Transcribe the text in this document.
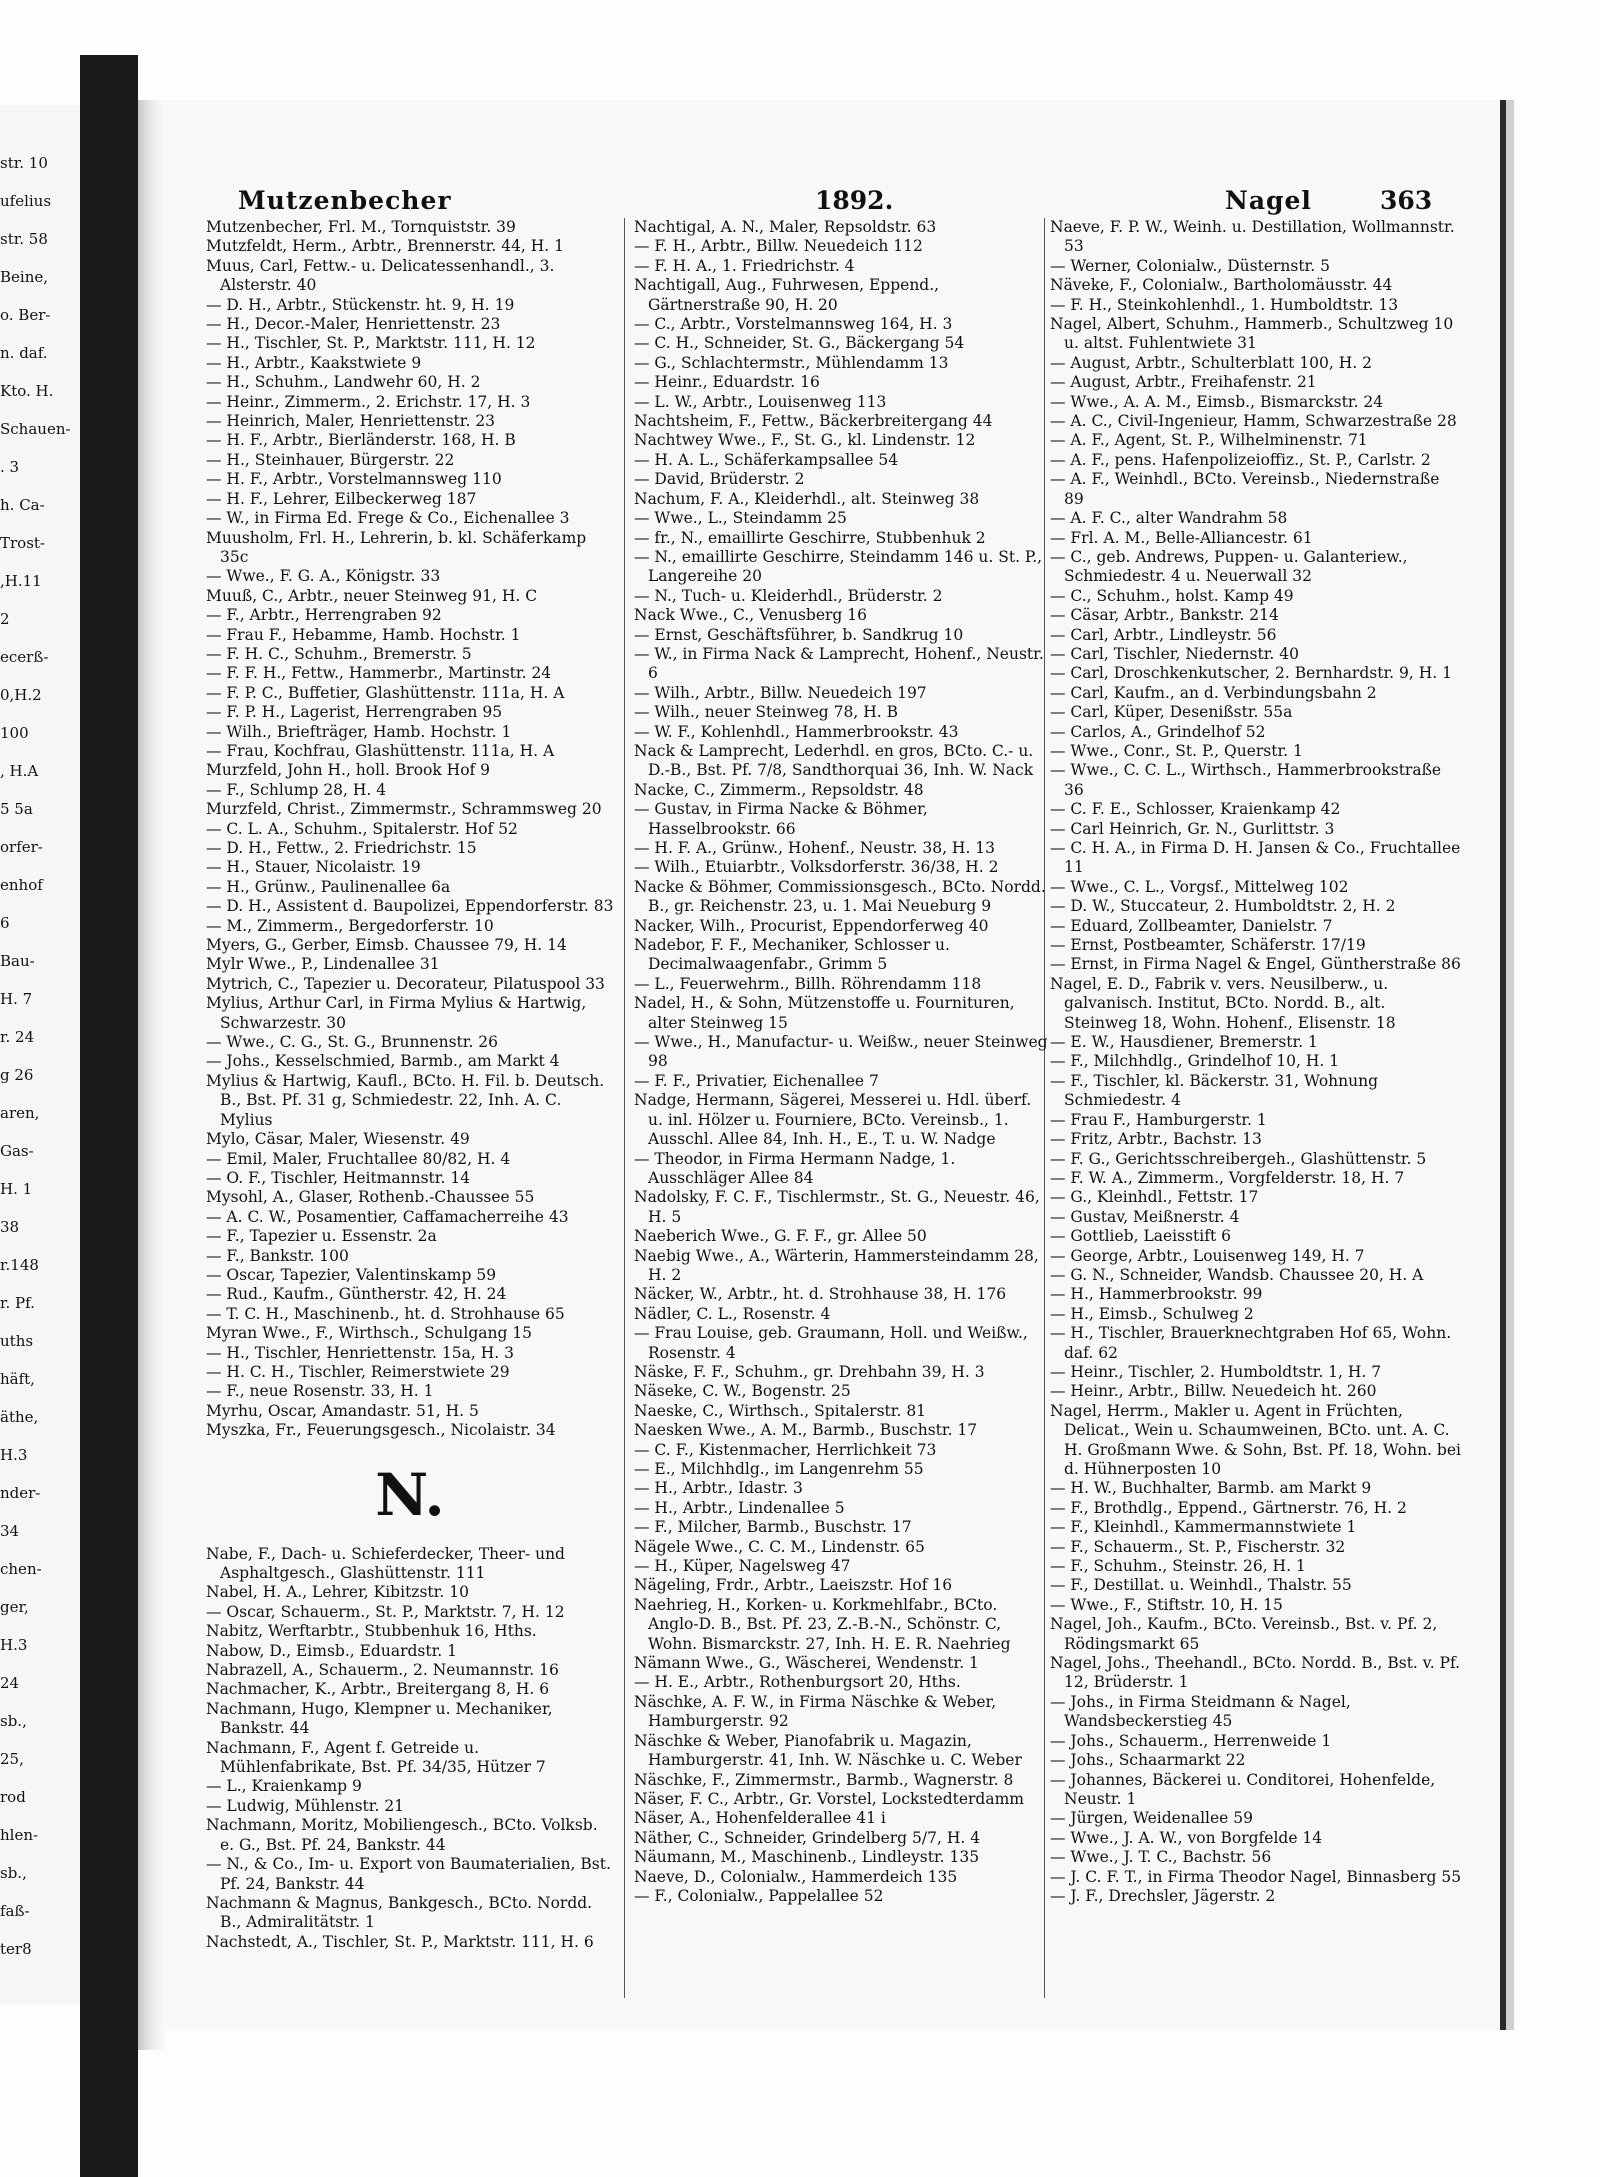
str. 10
ufelius
str. 58
Beine,
o. Ber-
n. daf.
Kto. H.
Schauen-
. 3
h. Ca-
Trost-
,H.11
2
ecerß-
0,H.2
100
, H.A
5 5a
orfer-
enhof
6
Bau-
H. 7
r. 24
g 26
aren,
Gas-
H. 1
38
r.148
r. Pf.
uths
häft,
äthe,
H.3
nder-
34
chen-
ger,
H.3
24
sb.,
25,
rod
hlen-
sb.,
faß-
ter8
Mutzenbecher	1892.	Nagel	363
Mutzenbecher, Frl. M., Tornquiststr. 39
Mutzfeldt, Herm., Arbtr., Brennerstr. 44, H. 1
Muus, Carl, Fettw.- u. Delicatessenhandl., 3. Alsterstr. 40
— D. H., Arbtr., Stückenstr. ht. 9, H. 19
— H., Decor.-Maler, Henriettenstr. 23
— H., Tischler, St. P., Marktstr. 111, H. 12
— H., Arbtr., Kaakstwiete 9
— H., Schuhm., Landwehr 60, H. 2
— Heinr., Zimmerm., 2. Erichstr. 17, H. 3
— Heinrich, Maler, Henriettenstr. 23
— H. F., Arbtr., Bierländerstr. 168, H. B
— H., Steinhauer, Bürgerstr. 22
— H. F., Arbtr., Vorstelmannsweg 110
— H. F., Lehrer, Eilbeckerweg 187
— W., in Firma Ed. Frege & Co., Eichenallee 3
Muusholm, Frl. H., Lehrerin, b. kl. Schäferkamp 35c
— Wwe., F. G. A., Königstr. 33
Muuß, C., Arbtr., neuer Steinweg 91, H. C
— F., Arbtr., Herrengraben 92
— Frau F., Hebamme, Hamb. Hochstr. 1
— F. H. C., Schuhm., Bremerstr. 5
— F. F. H., Fettw., Hammerbr., Martinstr. 24
— F. P. C., Buffetier, Glashüttenstr. 111a, H. A
— F. P. H., Lagerist, Herrengraben 95
— Wilh., Briefträger, Hamb. Hochstr. 1
— Frau, Kochfrau, Glashüttenstr. 111a, H. A
Murzfeld, John H., holl. Brook Hof 9
— F., Schlump 28, H. 4
Murzfeld, Christ., Zimmermstr., Schrammsweg 20
— C. L. A., Schuhm., Spitalerstr. Hof 52
— D. H., Fettw., 2. Friedrichstr. 15
— H., Stauer, Nicolaistr. 19
— H., Grünw., Paulinenallee 6a
— D. H., Assistent d. Baupolizei, Eppendorferstr. 83
— M., Zimmerm., Bergedorferstr. 10
Myers, G., Gerber, Eimsb. Chaussee 79, H. 14
Mylr Wwe., P., Lindenallee 31
Mytrich, C., Tapezier u. Decorateur, Pilatuspool 33
Mylius, Arthur Carl, in Firma Mylius & Hartwig, Schwarzestr. 30
— Wwe., C. G., St. G., Brunnenstr. 26
— Johs., Kesselschmied, Barmb., am Markt 4
Mylius & Hartwig, Kaufl., BCto. H. Fil. b. Deutsch. B., Bst. Pf. 31 g, Schmiedestr. 22, Inh. A. C. Mylius
Mylo, Cäsar, Maler, Wiesenstr. 49
— Emil, Maler, Fruchtallee 80/82, H. 4
— O. F., Tischler, Heitmannstr. 14
Mysohl, A., Glaser, Rothenb.-Chaussee 55
— A. C. W., Posamentier, Caffamacherreihe 43
— F., Tapezier u. Essenstr. 2a
— F., Bankstr. 100
— Oscar, Tapezier, Valentinskamp 59
— Rud., Kaufm., Güntherstr. 42, H. 24
— T. C. H., Maschinenb., ht. d. Strohhause 65
Myran Wwe., F., Wirthsch., Schulgang 15
— H., Tischler, Henriettenstr. 15a, H. 3
— H. C. H., Tischler, Reimerstwiete 29
— F., neue Rosenstr. 33, H. 1
Myrhu, Oscar, Amandastr. 51, H. 5
Myszka, Fr., Feuerungsgesch., Nicolaistr. 34
N.
Nabe, F., Dach- u. Schieferdecker, Theer- und Asphaltgesch., Glashüttenstr. 111
Nabel, H. A., Lehrer, Kibitzstr. 10
— Oscar, Schauerm., St. P., Marktstr. 7, H. 12
Nabitz, Werftarbtr., Stubbenhuk 16, Hths.
Nabow, D., Eimsb., Eduardstr. 1
Nabrazell, A., Schauerm., 2. Neumannstr. 16
Nachmacher, K., Arbtr., Breitergang 8, H. 6
Nachmann, Hugo, Klempner u. Mechaniker, Bankstr. 44
Nachmann, F., Agent f. Getreide u. Mühlenfabrikate, Bst. Pf. 34/35, Hützer 7
— L., Kraienkamp 9
— Ludwig, Mühlenstr. 21
Nachmann, Moritz, Mobiliengesch., BCto. Volksb. e. G., Bst. Pf. 24, Bankstr. 44
— N., & Co., Im- u. Export von Baumaterialien, Bst. Pf. 24, Bankstr. 44
Nachmann & Magnus, Bankgesch., BCto. Nordd. B., Admiralitätstr. 1
Nachstedt, A., Tischler, St. P., Marktstr. 111, H. 6
Nachtigal, A. N., Maler, Repsoldstr. 63
— F. H., Arbtr., Billw. Neuedeich 112
— F. H. A., 1. Friedrichstr. 4
Nachtigall, Aug., Fuhrwesen, Eppend., Gärtnerstraße 90, H. 20
— C., Arbtr., Vorstelmannsweg 164, H. 3
— C. H., Schneider, St. G., Bäckergang 54
— G., Schlachtermstr., Mühlendamm 13
— Heinr., Eduardstr. 16
— L. W., Arbtr., Louisenweg 113
Nachtsheim, F., Fettw., Bäckerbreitergang 44
Nachtwey Wwe., F., St. G., kl. Lindenstr. 12
— H. A. L., Schäferkampsallee 54
— David, Brüderstr. 2
Nachum, F. A., Kleiderhdl., alt. Steinweg 38
— Wwe., L., Steindamm 25
— fr., N., emaillirte Geschirre, Stubbenhuk 2
— N., emaillirte Geschirre, Steindamm 146 u. St. P., Langereihe 20
— N., Tuch- u. Kleiderhdl., Brüderstr. 2
Nack Wwe., C., Venusberg 16
— Ernst, Geschäftsführer, b. Sandkrug 10
— W., in Firma Nack & Lamprecht, Hohenf., Neustr. 6
— Wilh., Arbtr., Billw. Neuedeich 197
— Wilh., neuer Steinweg 78, H. B
— W. F., Kohlenhdl., Hammerbrookstr. 43
Nack & Lamprecht, Lederhdl. en gros, BCto. C.- u. D.-B., Bst. Pf. 7/8, Sandthorquai 36, Inh. W. Nack
Nacke, C., Zimmerm., Repsoldstr. 48
— Gustav, in Firma Nacke & Böhmer, Hasselbrookstr. 66
— H. F. A., Grünw., Hohenf., Neustr. 38, H. 13
— Wilh., Etuiarbtr., Volksdorferstr. 36/38, H. 2
Nacke & Böhmer, Commissionsgesch., BCto. Nordd. B., gr. Reichenstr. 23, u. 1. Mai Neueburg 9
Nacker, Wilh., Procurist, Eppendorferweg 40
Nadebor, F. F., Mechaniker, Schlosser u. Decimalwaagenfabr., Grimm 5
— L., Feuerwehrm., Billh. Röhrendamm 118
Nadel, H., & Sohn, Mützenstoffe u. Fournituren, alter Steinweg 15
— Wwe., H., Manufactur- u. Weißw., neuer Steinweg 98
— F. F., Privatier, Eichenallee 7
Nadge, Hermann, Sägerei, Messerei u. Hdl. überf. u. inl. Hölzer u. Fourniere, BCto. Vereinsb., 1. Ausschl. Allee 84, Inh. H., E., T. u. W. Nadge
— Theodor, in Firma Hermann Nadge, 1. Ausschläger Allee 84
Nadolsky, F. C. F., Tischlermstr., St. G., Neuestr. 46, H. 5
Naeberich Wwe., G. F. F., gr. Allee 50
Naebig Wwe., A., Wärterin, Hammersteindamm 28, H. 2
Näcker, W., Arbtr., ht. d. Strohhause 38, H. 176
Nädler, C. L., Rosenstr. 4
— Frau Louise, geb. Graumann, Holl. und Weißw., Rosenstr. 4
Näske, F. F., Schuhm., gr. Drehbahn 39, H. 3
Näseke, C. W., Bogenstr. 25
Naeske, C., Wirthsch., Spitalerstr. 81
Naesken Wwe., A. M., Barmb., Buschstr. 17
— C. F., Kistenmacher, Herrlichkeit 73
— E., Milchhdlg., im Langenrehm 55
— H., Arbtr., Idastr. 3
— H., Arbtr., Lindenallee 5
— F., Milcher, Barmb., Buschstr. 17
Nägele Wwe., C. C. M., Lindenstr. 65
— H., Küper, Nagelsweg 47
Nägeling, Frdr., Arbtr., Laeiszstr. Hof 16
Naehrieg, H., Korken- u. Korkmehlfabr., BCto. Anglo-D. B., Bst. Pf. 23, Z.-B.-N., Schönstr. C, Wohn. Bismarckstr. 27, Inh. H. E. R. Naehrieg
Nämann Wwe., G., Wäscherei, Wendenstr. 1
— H. E., Arbtr., Rothenburgsort 20, Hths.
Näschke, A. F. W., in Firma Näschke & Weber, Hamburgerstr. 92
Näschke & Weber, Pianofabrik u. Magazin, Hamburgerstr. 41, Inh. W. Näschke u. C. Weber
Näschke, F., Zimmermstr., Barmb., Wagnerstr. 8
Näser, F. C., Arbtr., Gr. Vorstel, Lockstedterdamm
Näser, A., Hohenfelderallee 41 i
Näther, C., Schneider, Grindelberg 5/7, H. 4
Näumann, M., Maschinenb., Lindleystr. 135
Naeve, D., Colonialw., Hammerdeich 135
— F., Colonialw., Pappelallee 52
Naeve, F. P. W., Weinh. u. Destillation, Wollmannstr. 53
— Werner, Colonialw., Düsternstr. 5
Näveke, F., Colonialw., Bartholomäusstr. 44
— F. H., Steinkohlenhdl., 1. Humboldtstr. 13
Nagel, Albert, Schuhm., Hammerb., Schultzweg 10 u. altst. Fuhlentwiete 31
— August, Arbtr., Schulterblatt 100, H. 2
— August, Arbtr., Freihafenstr. 21
— Wwe., A. A. M., Eimsb., Bismarckstr. 24
— A. C., Civil-Ingenieur, Hamm, Schwarzestraße 28
— A. F., Agent, St. P., Wilhelminenstr. 71
— A. F., pens. Hafenpolizeioffiz., St. P., Carlstr. 2
— A. F., Weinhdl., BCto. Vereinsb., Niedernstraße 89
— A. F. C., alter Wandrahm 58
— Frl. A. M., Belle-Alliancestr. 61
— C., geb. Andrews, Puppen- u. Galanteriew., Schmiedestr. 4 u. Neuerwall 32
— C., Schuhm., holst. Kamp 49
— Cäsar, Arbtr., Bankstr. 214
— Carl, Arbtr., Lindleystr. 56
— Carl, Tischler, Niedernstr. 40
— Carl, Droschkenkutscher, 2. Bernhardstr. 9, H. 1
— Carl, Kaufm., an d. Verbindungsbahn 2
— Carl, Küper, Desenißstr. 55a
— Carlos, A., Grindelhof 52
— Wwe., Conr., St. P., Querstr. 1
— Wwe., C. C. L., Wirthsch., Hammerbrookstraße 36
— C. F. E., Schlosser, Kraienkamp 42
— Carl Heinrich, Gr. N., Gurlittstr. 3
— C. H. A., in Firma D. H. Jansen & Co., Fruchtallee 11
— Wwe., C. L., Vorgsf., Mittelweg 102
— D. W., Stuccateur, 2. Humboldtstr. 2, H. 2
— Eduard, Zollbeamter, Danielstr. 7
— Ernst, Postbeamter, Schäferstr. 17/19
— Ernst, in Firma Nagel & Engel, Güntherstraße 86
Nagel, E. D., Fabrik v. vers. Neusilberw., u. galvanisch. Institut, BCto. Nordd. B., alt. Steinweg 18, Wohn. Hohenf., Elisenstr. 18
— E. W., Hausdiener, Bremerstr. 1
— F., Milchhdlg., Grindelhof 10, H. 1
— F., Tischler, kl. Bäckerstr. 31, Wohnung Schmiedestr. 4
— Frau F., Hamburgerstr. 1
— Fritz, Arbtr., Bachstr. 13
— F. G., Gerichtsschreibergeh., Glashüttenstr. 5
— F. W. A., Zimmerm., Vorgfelderstr. 18, H. 7
— G., Kleinhdl., Fettstr. 17
— Gustav, Meißnerstr. 4
— Gottlieb, Laeisstift 6
— George, Arbtr., Louisenweg 149, H. 7
— G. N., Schneider, Wandsb. Chaussee 20, H. A
— H., Hammerbrookstr. 99
— H., Eimsb., Schulweg 2
— H., Tischler, Brauerknechtgraben Hof 65, Wohn. daf. 62
— Heinr., Tischler, 2. Humboldtstr. 1, H. 7
— Heinr., Arbtr., Billw. Neuedeich ht. 260
Nagel, Herrm., Makler u. Agent in Früchten, Delicat., Wein u. Schaumweinen, BCto. unt. A. C. H. Großmann Wwe. & Sohn, Bst. Pf. 18, Wohn. bei d. Hühnerposten 10
— H. W., Buchhalter, Barmb. am Markt 9
— F., Brothdlg., Eppend., Gärtnerstr. 76, H. 2
— F., Kleinhdl., Kammermannstwiete 1
— F., Schauerm., St. P., Fischerstr. 32
— F., Schuhm., Steinstr. 26, H. 1
— F., Destillat. u. Weinhdl., Thalstr. 55
— Wwe., F., Stiftstr. 10, H. 15
Nagel, Joh., Kaufm., BCto. Vereinsb., Bst. v. Pf. 2, Rödingsmarkt 65
Nagel, Johs., Theehandl., BCto. Nordd. B., Bst. v. Pf. 12, Brüderstr. 1
— Johs., in Firma Steidmann & Nagel, Wandsbeckerstieg 45
— Johs., Schauerm., Herrenweide 1
— Johs., Schaarmarkt 22
— Johannes, Bäckerei u. Conditorei, Hohenfelde, Neustr. 1
— Jürgen, Weidenallee 59
— Wwe., J. A. W., von Borgfelde 14
— Wwe., J. T. C., Bachstr. 56
— J. C. F. T., in Firma Theodor Nagel, Binnasberg 55
— J. F., Drechsler, Jägerstr. 2
